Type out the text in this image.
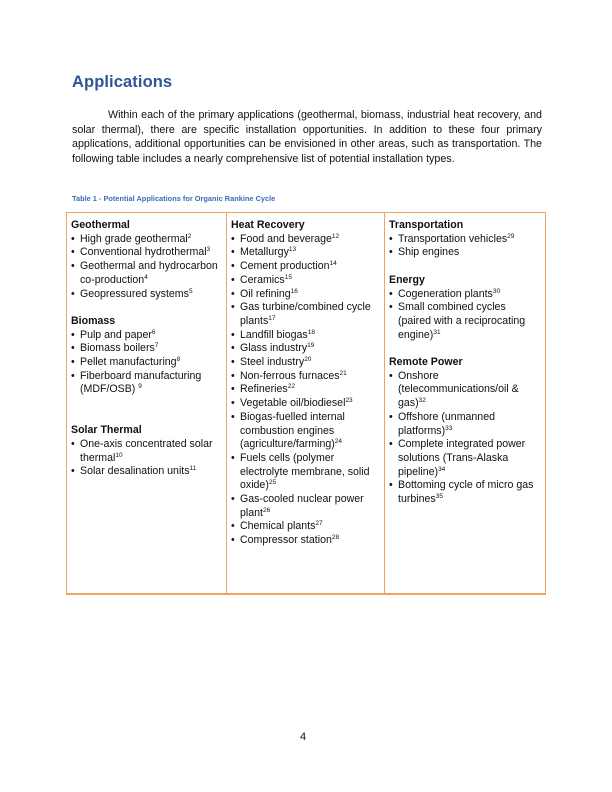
Applications

Within each of the primary applications (geothermal, biomass, industrial heat recovery, and solar thermal), there are specific installation opportunities. In addition to these four primary applications, additional opportunities can be envisioned in other areas, such as transportation. The following table includes a nearly comprehensive list of potential installation types.

Table 1 - Potential Applications for Organic Rankine Cycle

Geothermal
• High grade geothermal$^2$
• Conventional hydrothermal$^3$
• Geothermal and hydrocarbon co-production$^4$
• Geopressured systems$^5$
Biomass
• Pulp and paper$^6$
• Biomass boilers$^7$
• Pellet manufacturing$^8$
• Fiberboard manufacturing (MDF/OSB) $^9$
Solar Thermal
• One-axis concentrated solar thermal$^{10}$
• Solar desalination units$^{11}$
Heat Recovery
• Food and beverage$^{12}$
• Metallurgy$^{13}$
• Cement production$^{14}$
• Ceramics$^{15}$
• Oil refining$^{16}$
• Gas turbine/combined cycle plants$^{17}$
• Landfill biogas$^{18}$
• Glass industry$^{19}$
• Steel industry$^{20}$
• Non-ferrous furnaces$^{21}$
• Refineries$^{22}$
• Vegetable oil/biodiesel$^{23}$
• Biogas-fuelled internal combustion engines (agriculture/farming)$^{24}$
• Fuels cells (polymer electrolyte membrane, solid oxide)$^{25}$
• Gas-cooled nuclear power plant$^{26}$
• Chemical plants$^{27}$
• Compressor station$^{28}$
Transportation
• Transportation vehicles$^{29}$
• Ship engines
Energy
• Cogeneration plants$^{30}$
• Small combined cycles (paired with a reciprocating engine)$^{31}$
Remote Power
• Onshore (telecommunications/oil & gas)$^{32}$
• Offshore (unmanned platforms)$^{33}$
• Complete integrated power solutions (Trans-Alaska pipeline)$^{34}$
• Bottoming cycle of micro gas turbines$^{35}$

4
